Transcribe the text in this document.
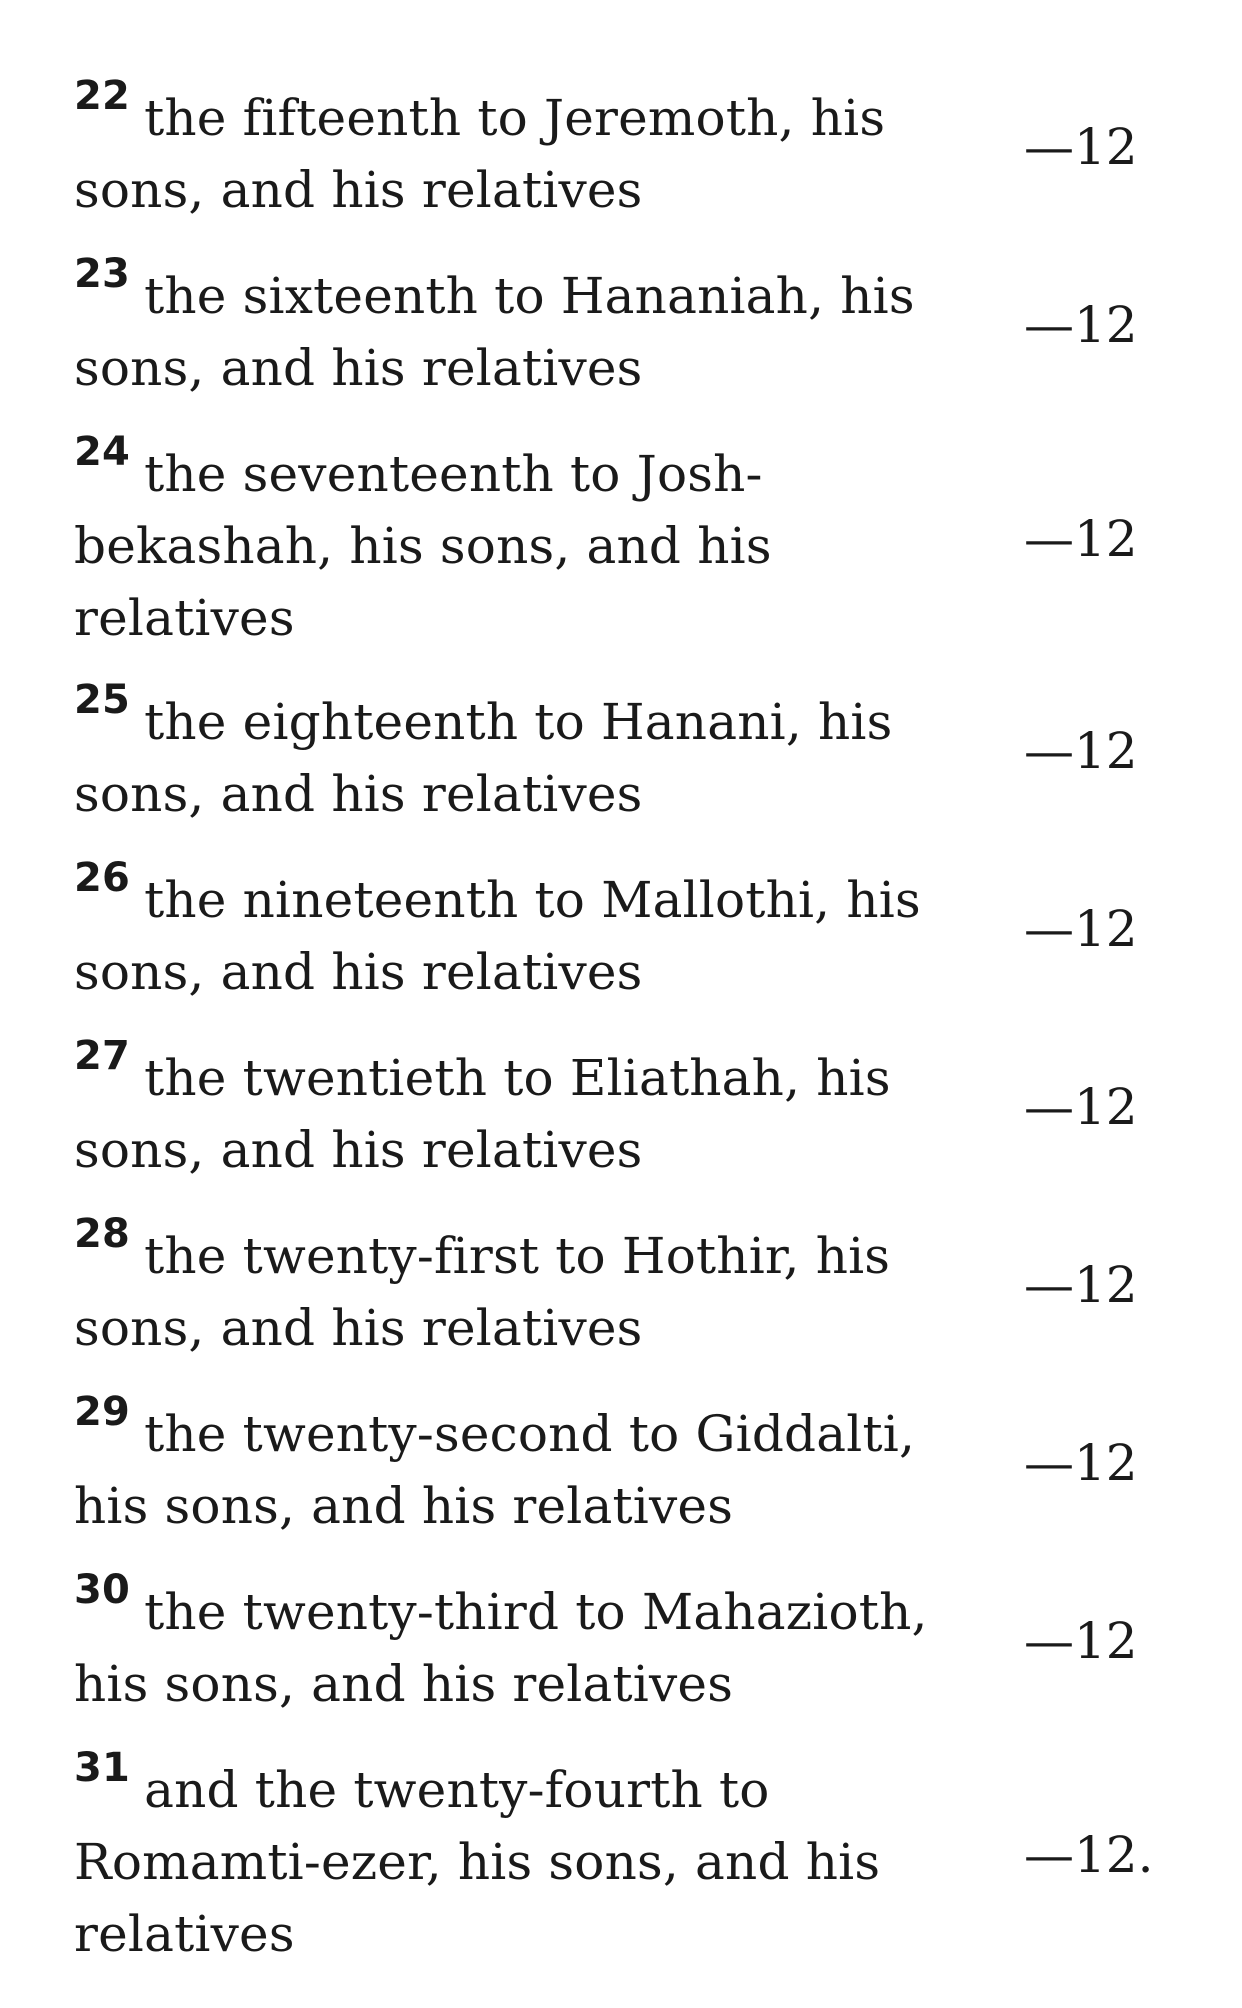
$^{22}$ the fifteenth to Jeremoth, his sons, and his relatives
—12
$^{23}$ the sixteenth to Hananiah, his sons, and his relatives
—12
$^{24}$ the seventeenth to Josh-bekashah, his sons, and his relatives
—12
$^{25}$ the eighteenth to Hanani, his sons, and his relatives
—12
$^{26}$ the nineteenth to Mallothi, his sons, and his relatives
—12
$^{27}$ the twentieth to Eliathah, his sons, and his relatives
—12
$^{28}$ the twenty-first to Hothir, his sons, and his relatives
—12
$^{29}$ the twenty-second to Giddalti, his sons, and his relatives
—12
$^{30}$ the twenty-third to Mahazioth, his sons, and his relatives
—12
$^{31}$ and the twenty-fourth to Romamti-ezer, his sons, and his relatives
—12.
